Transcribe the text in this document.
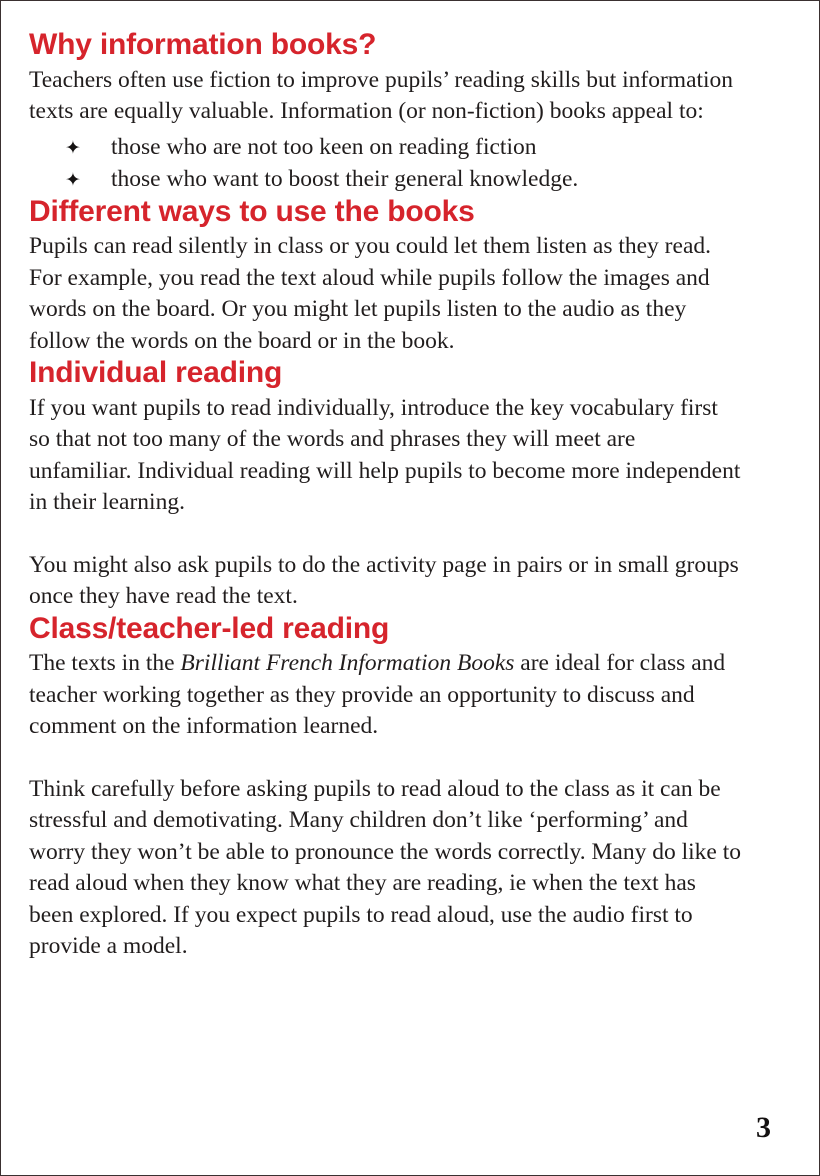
Why information books?

Teachers often use fiction to improve pupils’ reading skills but information texts are equally valuable. Information (or non-fiction) books appeal to:

✦	those who are not too keen on reading fiction
✦	those who want to boost their general knowledge.
Different ways to use the books

Pupils can read silently in class or you could let them listen as they read. For example, you read the text aloud while pupils follow the images and words on the board. Or you might let pupils listen to the audio as they follow the words on the board or in the book.

Individual reading

If you want pupils to read individually, introduce the key vocabulary first so that not too many of the words and phrases they will meet are unfamiliar. Individual reading will help pupils to become more independent in their learning.

You might also ask pupils to do the activity page in pairs or in small groups once they have read the text.

Class/teacher-led reading

The texts in the Brilliant French Information Books are ideal for class and teacher working together as they provide an opportunity to discuss and comment on the information learned.

Think carefully before asking pupils to read aloud to the class as it can be stressful and demotivating. Many children don’t like ‘performing’ and worry they won’t be able to pronounce the words correctly. Many do like to read aloud when they know what they are reading, ie when the text has been explored. If you expect pupils to read aloud, use the audio first to provide a model.

3
